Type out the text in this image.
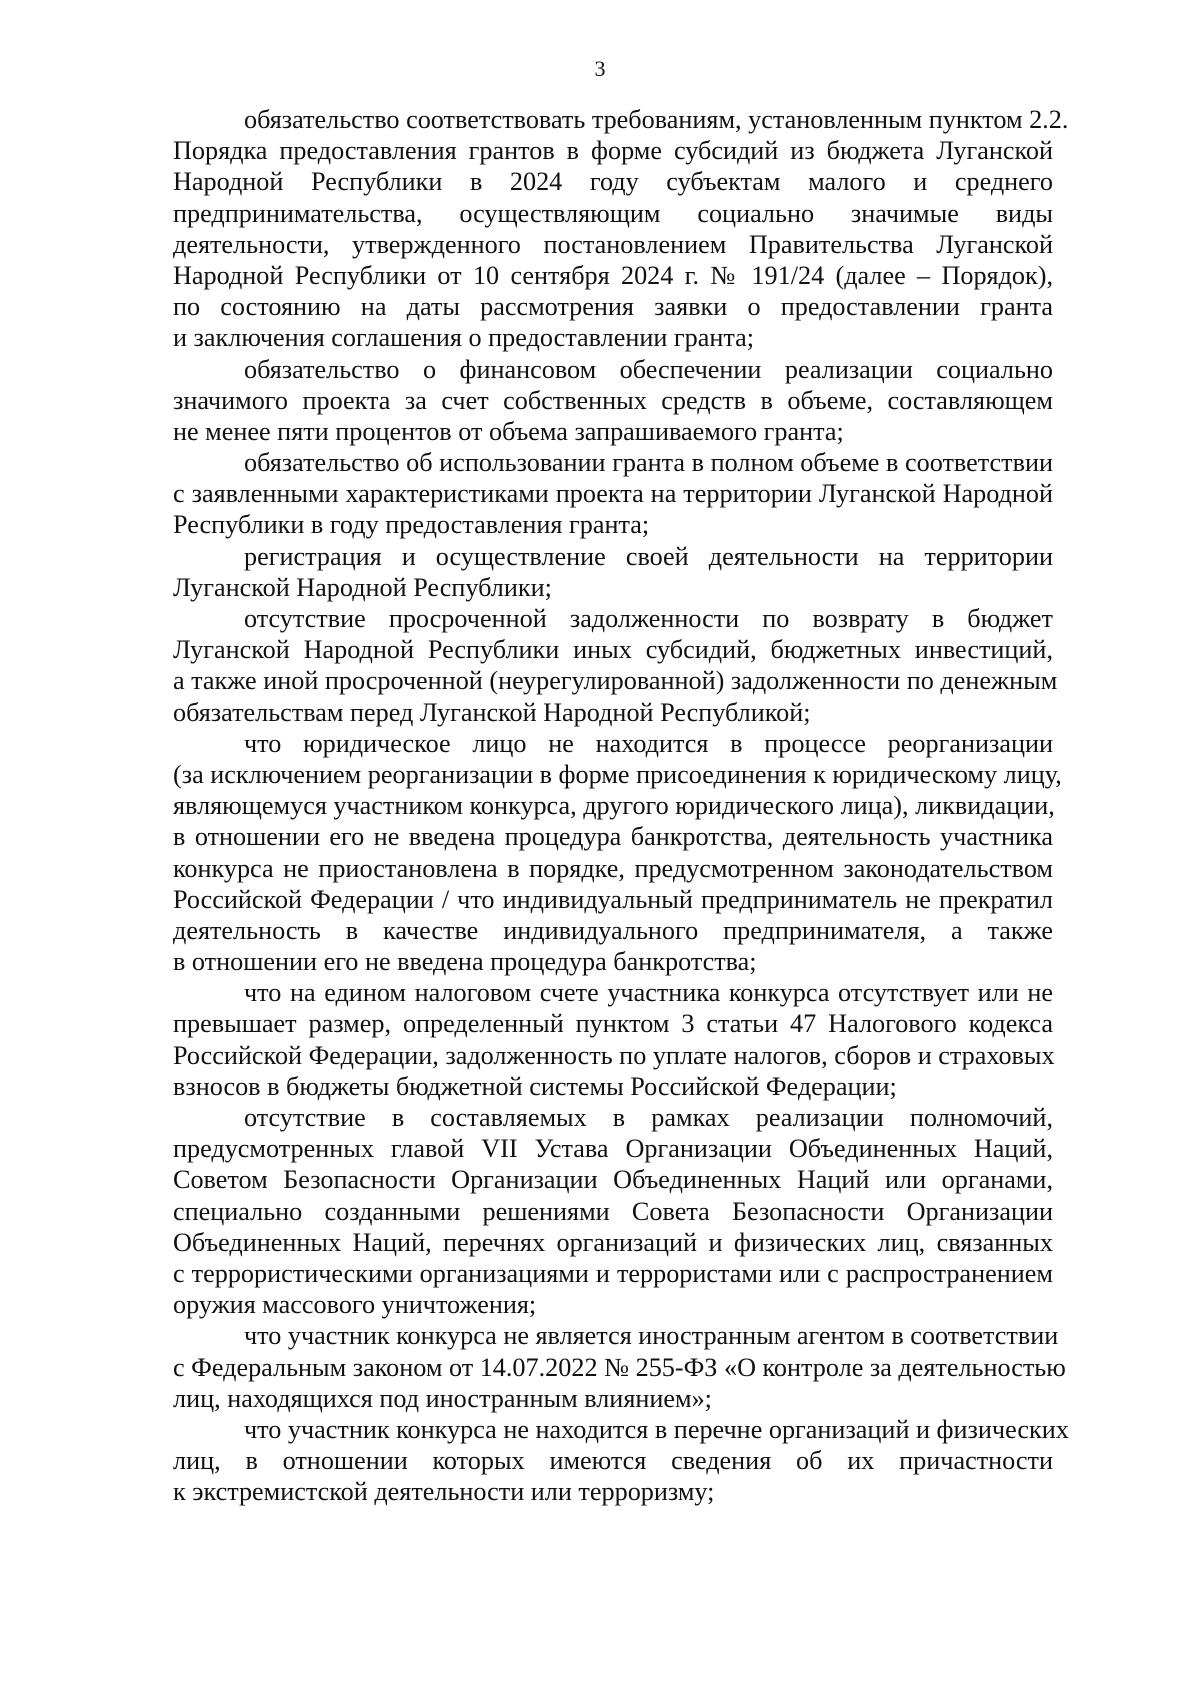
3
обязательство соответствовать требованиям, установленным пунктом 2.2.
Порядка предоставления грантов в форме субсидий из бюджета Луганской
Народной Республики в 2024 году субъектам малого и среднего
предпринимательства, осуществляющим социально значимые виды
деятельности, утвержденного постановлением Правительства Луганской
Народной Республики от 10 сентября 2024 г. № 191/24 (далее – Порядок),
по состоянию на даты рассмотрения заявки о предоставлении гранта
и заключения соглашения о предоставлении гранта;
обязательство о финансовом обеспечении реализации социально
значимого проекта за счет собственных средств в объеме, составляющем
не менее пяти процентов от объема запрашиваемого гранта;
обязательство об использовании гранта в полном объеме в соответствии
с заявленными характеристиками проекта на территории Луганской Народной
Республики в году предоставления гранта;
регистрация и осуществление своей деятельности на территории
Луганской Народной Республики;
отсутствие просроченной задолженности по возврату в бюджет
Луганской Народной Республики иных субсидий, бюджетных инвестиций,
а также иной просроченной (неурегулированной) задолженности по денежным
обязательствам перед Луганской Народной Республикой;
что юридическое лицо не находится в процессе реорганизации
(за исключением реорганизации в форме присоединения к юридическому лицу,
являющемуся участником конкурса, другого юридического лица), ликвидации,
в отношении его не введена процедура банкротства, деятельность участника
конкурса не приостановлена в порядке, предусмотренном законодательством
Российской Федерации / что индивидуальный предприниматель не прекратил
деятельность в качестве индивидуального предпринимателя, а также
в отношении его не введена процедура банкротства;
что на едином налоговом счете участника конкурса отсутствует или не
превышает размер, определенный пунктом 3 статьи 47 Налогового кодекса
Российской Федерации, задолженность по уплате налогов, сборов и страховых
взносов в бюджеты бюджетной системы Российской Федерации;
отсутствие в составляемых в рамках реализации полномочий,
предусмотренных главой VII Устава Организации Объединенных Наций,
Советом Безопасности Организации Объединенных Наций или органами,
специально созданными решениями Совета Безопасности Организации
Объединенных Наций, перечнях организаций и физических лиц, связанных
с террористическими организациями и террористами или с распространением
оружия массового уничтожения;
что участник конкурса не является иностранным агентом в соответствии
с Федеральным законом от 14.07.2022 № 255-ФЗ «О контроле за деятельностью
лиц, находящихся под иностранным влиянием»;
что участник конкурса не находится в перечне организаций и физических
лиц, в отношении которых имеются сведения об их причастности
к экстремистской деятельности или терроризму;
